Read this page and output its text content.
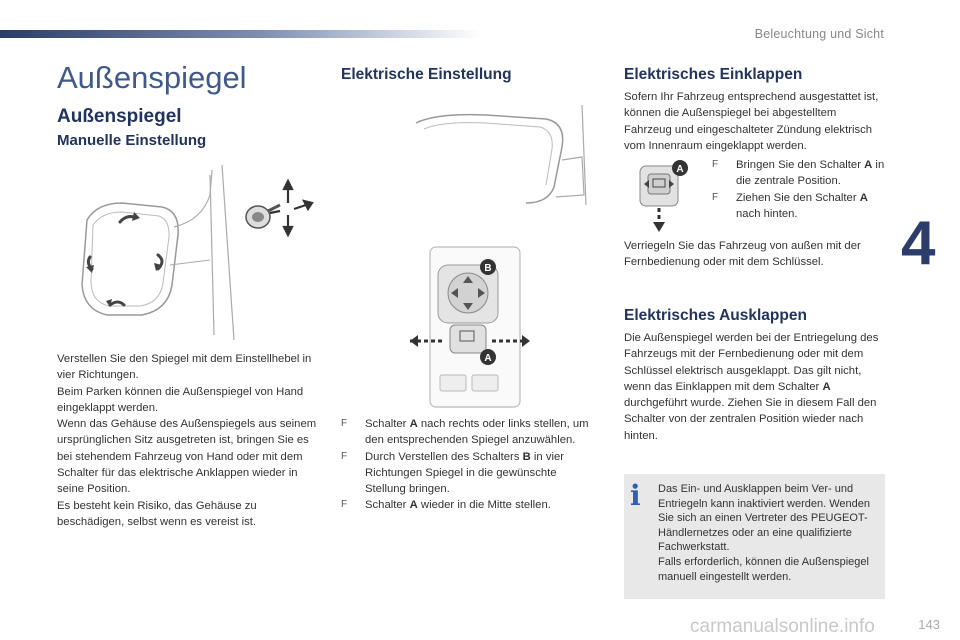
Beleuchtung und Sicht
4
carmanualsonline.info	143
Außenspiegel
Außenspiegel
Manuelle Einstellung

Verstellen Sie den Spiegel mit dem Einstellhebel in vier Richtungen.

Beim Parken können die Außenspiegel von Hand eingeklappt werden.

Wenn das Gehäuse des Außenspiegels aus seinem ursprünglichen Sitz ausgetreten ist, bringen Sie es bei stehendem Fahrzeug von Hand oder mit dem Schalter für das elektrische Anklappen wieder in seine Position.

Es besteht kein Risiko, das Gehäuse zu beschädigen, selbst wenn es vereist ist.

Elektrische Einstellung
B
A
F Schalter A nach rechts oder links stellen, um den entsprechenden Spiegel anzuwählen.
F Durch Verstellen des Schalters B in vier Richtungen Spiegel in die gewünschte Stellung bringen.
F Schalter A wieder in die Mitte stellen.
Elektrisches Einklappen
Sofern Ihr Fahrzeug entsprechend ausgestattet ist, können die Außenspiegel bei abgestelltem Fahrzeug und eingeschalteter Zündung elektrisch vom Innenraum eingeklappt werden.
A	F Bringen Sie den Schalter A in die zentrale Position.
F Ziehen Sie den Schalter A nach hinten.
Verriegeln Sie das Fahrzeug von außen mit der Fernbedienung oder mit dem Schlüssel.
Elektrisches Ausklappen
Die Außenspiegel werden bei der Entriegelung des Fahrzeugs mit der Fernbedienung oder mit dem Schlüssel elektrisch ausgeklappt. Das gilt nicht, wenn das Einklappen mit dem Schalter A durchgeführt wurde. Ziehen Sie in diesem Fall den Schalter von der zentralen Position wieder nach hinten.
i Das Ein- und Ausklappen beim Ver- und Entriegeln kann inaktiviert werden. Wenden Sie sich an einen Vertreter des PEUGEOT-Händlernetzes oder an eine qualifizierte Fachwerkstatt.

Falls erforderlich, können die Außenspiegel manuell eingestellt werden.
